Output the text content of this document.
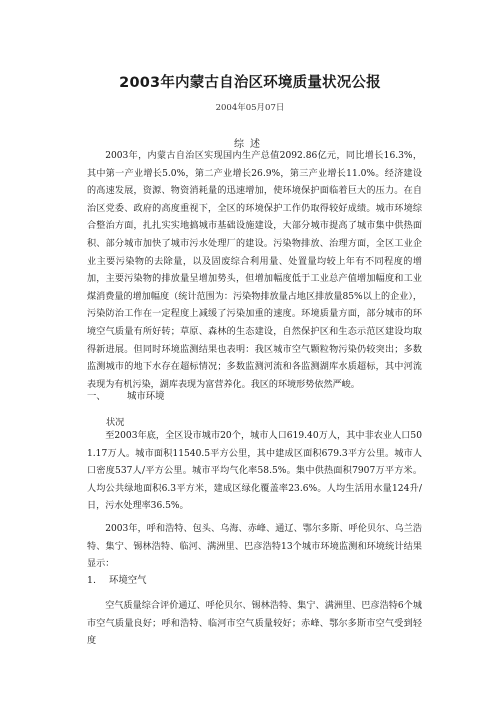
2003年内蒙古自治区环境质量状况公报
2004年05月07日
综述

2003年，内蒙古自治区实现国内生产总值2092.86亿元，同比增长16.3%，其中第一产业增长5.0%，第二产业增长26.9%，第三产业增长11.0%。经济建设的高速发展，资源、物资消耗量的迅速增加，使环境保护面临着巨大的压力。在自治区党委、政府的高度重视下，全区的环境保护工作仍取得较好成绩。城市环境综合整治方面，扎扎实实地搞城市基础设施建设，大部分城市提高了城市集中供热面积、部分城市加快了城市污水处理厂的建设。污染物排放、治理方面，全区工业企业主要污染物的去除量，以及固废综合利用量、处置量均较上年有不同程度的增加，主要污染物的排放量呈增加势头，但增加幅度低于工业总产值增加幅度和工业煤消费量的增加幅度（统计范围为：污染物排放量占地区排放量85%以上的企业），污染防治工作在一定程度上减缓了污染加重的速度。环境质量方面，部分城市的环境空气质量有所好转；草原、森林的生态建设，自然保护区和生态示范区建设均取得新进展。但同时环境监测结果也表明：我区城市空气颗粒物污染仍较突出；多数监测城市的地下水存在超标情况；多数监测河流和各监测湖库水质超标，其中河流表现为有机污染，湖库表现为富营养化。我区的环境形势依然严峻。

一、 城市环境
状况

至2003年底，全区设市城市20个，城市人口619.40万人，其中非农业人口501.17万人。城市面积11540.5平方公里，其中建成区面积679.3平方公里。城市人口密度537人/平方公里。城市平均气化率58.5%。集中供热面积7907万平方米。人均公共绿地面积6.3平方米，建成区绿化覆盖率23.6%。人均生活用水量124升/日，污水处理率36.5%。

2003年，呼和浩特、包头、乌海、赤峰、通辽、鄂尔多斯、呼伦贝尔、乌兰浩特、集宁、锡林浩特、临河、满洲里、巴彦浩特13个城市环境监测和环境统计结果显示：

1. 环境空气

空气质量综合评价通辽、呼伦贝尔、锡林浩特、集宁、满洲里、巴彦浩特6个城市空气质量良好；呼和浩特、临河市空气质量较好；赤峰、鄂尔多斯市空气受到轻度
